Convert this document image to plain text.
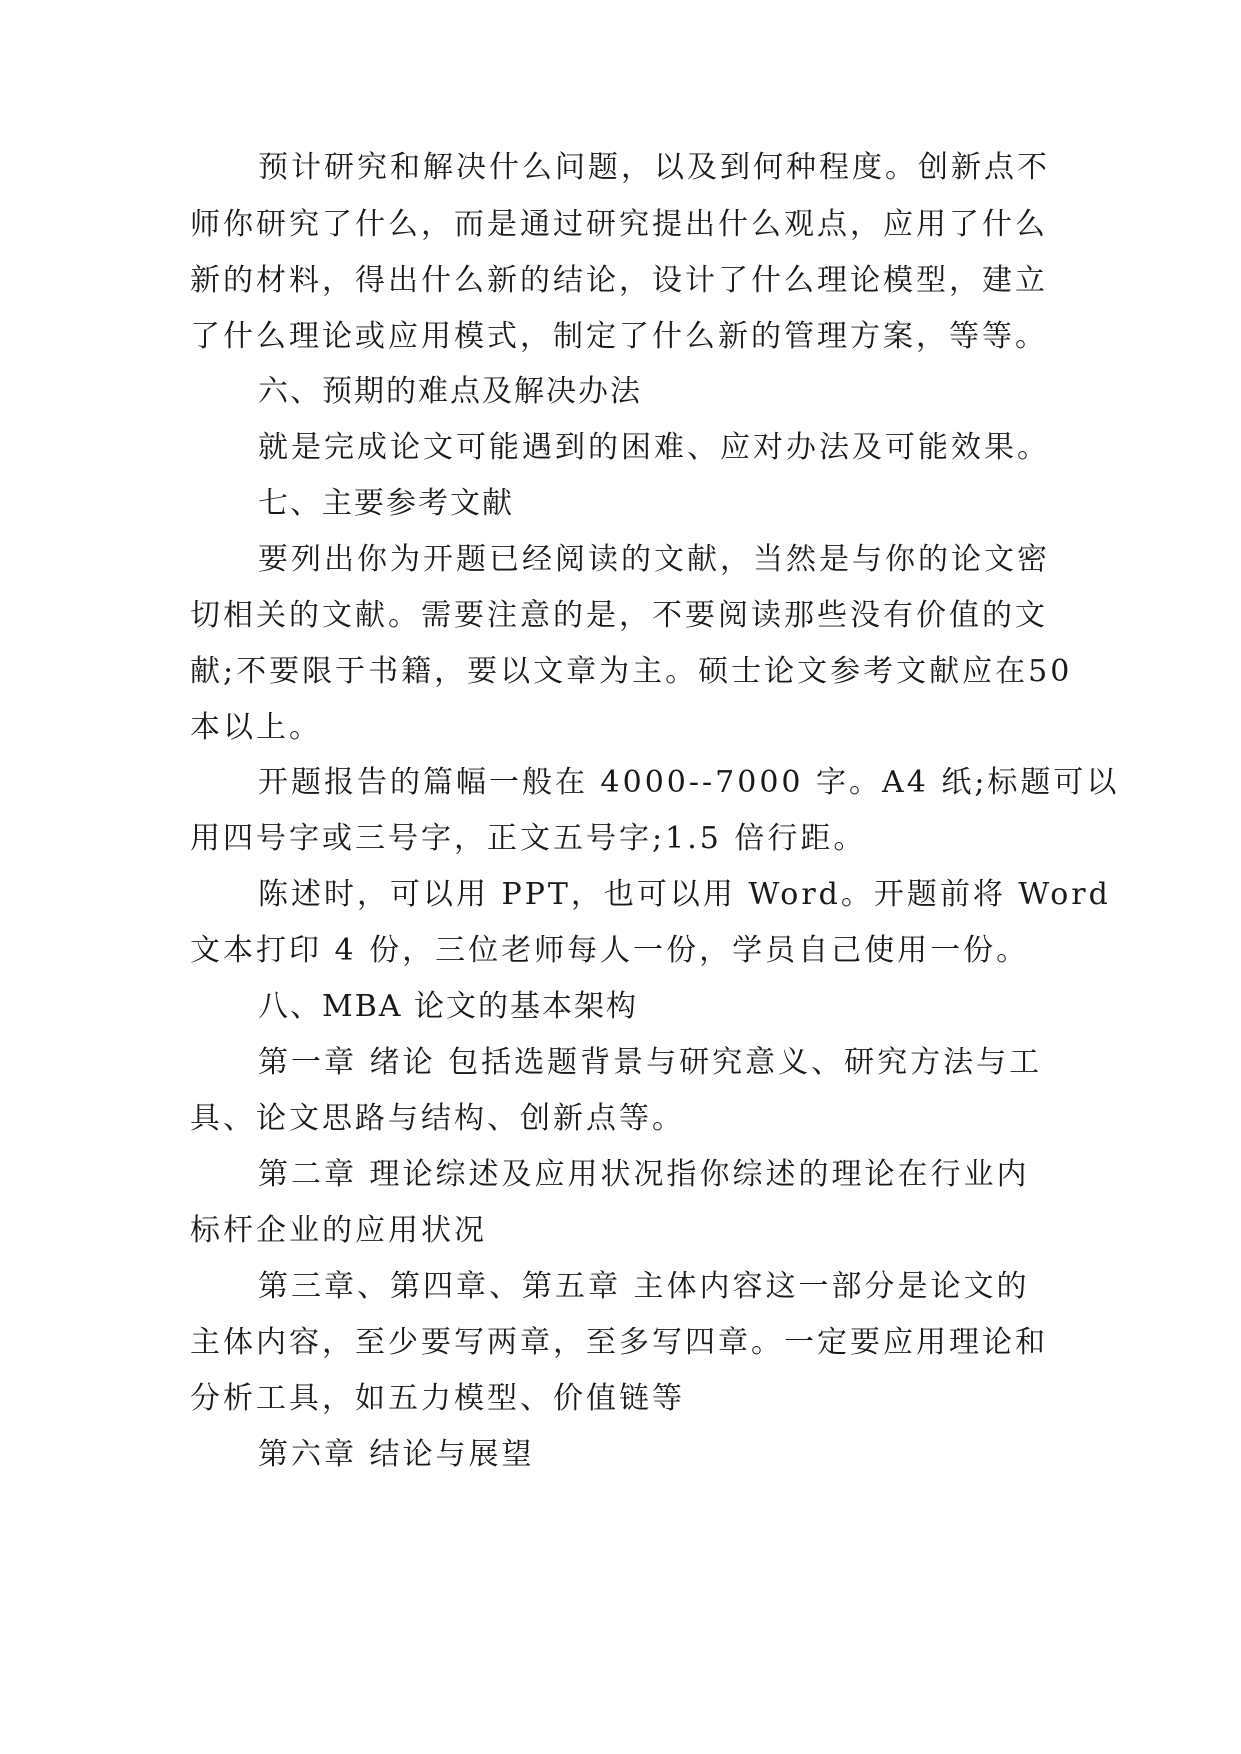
预计研究和解决什么问题，以及到何种程度。创新点不
师你研究了什么，而是通过研究提出什么观点，应用了什么
新的材料，得出什么新的结论，设计了什么理论模型，建立
了什么理论或应用模式，制定了什么新的管理方案，等等。
六、预期的难点及解决办法
就是完成论文可能遇到的困难、应对办法及可能效果。
七、主要参考文献
要列出你为开题已经阅读的文献，当然是与你的论文密
切相关的文献。需要注意的是，不要阅读那些没有价值的文
献;不要限于书籍，要以文章为主。硕士论文参考文献应在50
本以上。
开题报告的篇幅一般在 4000--7000 字。A4 纸;标题可以
用四号字或三号字，正文五号字;1.5 倍行距。
陈述时，可以用 PPT，也可以用 Word。开题前将 Word
文本打印 4 份，三位老师每人一份，学员自己使用一份。
八、MBA 论文的基本架构
第一章 绪论 包括选题背景与研究意义、研究方法与工
具、论文思路与结构、创新点等。
第二章 理论综述及应用状况指你综述的理论在行业内
标杆企业的应用状况
第三章、第四章、第五章 主体内容这一部分是论文的
主体内容，至少要写两章，至多写四章。一定要应用理论和
分析工具，如五力模型、价值链等
第六章 结论与展望
